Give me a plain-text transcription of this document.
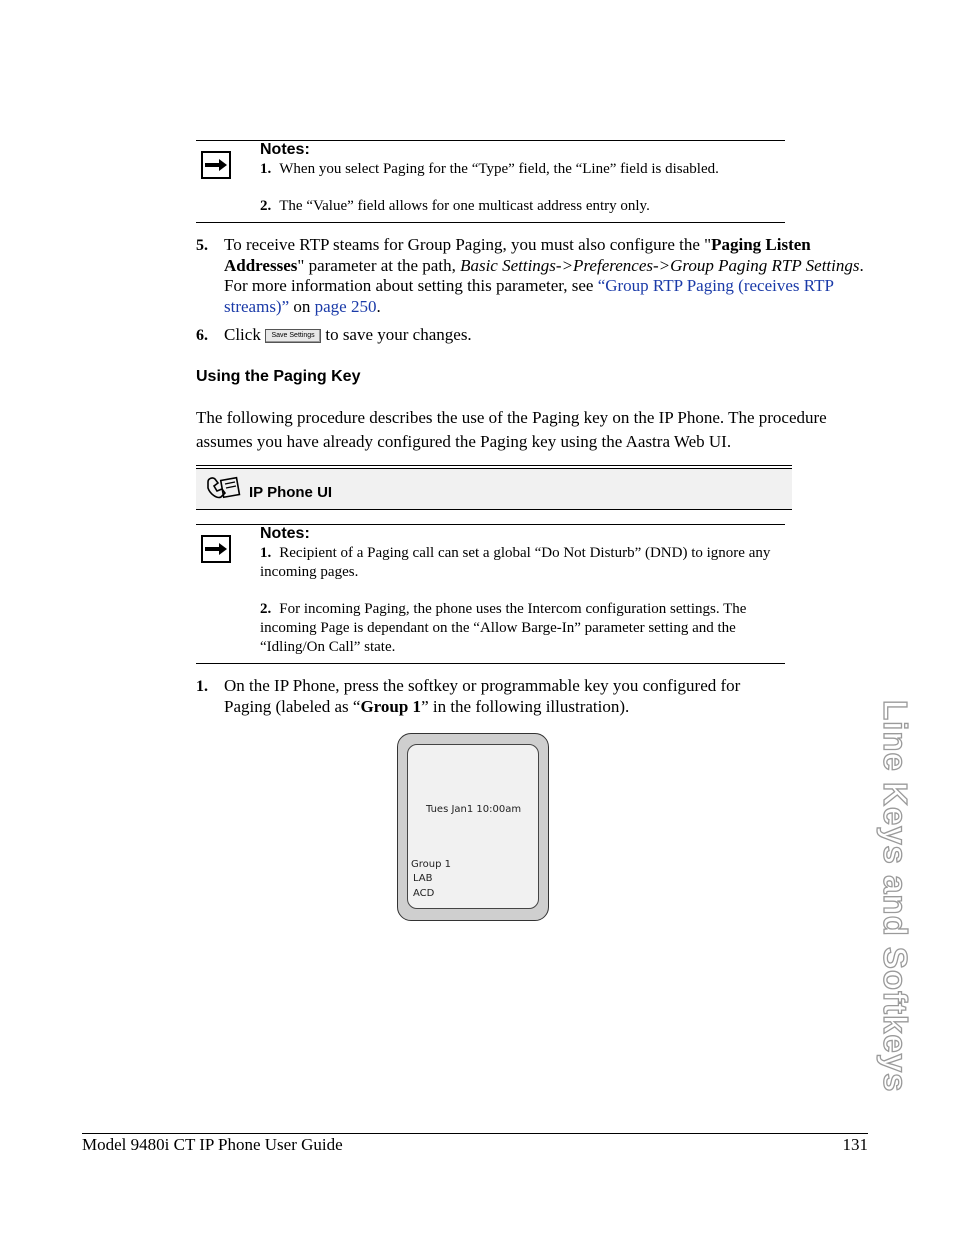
Notes:
1. When you select Paging for the “Type” field, the “Line” field is disabled.
2. The “Value” field allows for one multicast address entry only.
5. To receive RTP steams for Group Paging, you must also configure the "Paging Listen Addresses" parameter at the path, Basic Settings->Preferences->Group Paging RTP Settings. For more information about setting this parameter, see “Group RTP Paging (receives RTP streams)” on page 250.
6. Click Save Settings to save your changes.
Using the Paging Key
The following procedure describes the use of the Paging key on the IP Phone. The procedure assumes you have already configured the Paging key using the Aastra Web UI.
IP Phone UI
Notes:
1. Recipient of a Paging call can set a global “Do Not Disturb” (DND) to ignore any incoming pages.
2. For incoming Paging, the phone uses the Intercom configuration settings. The incoming Page is dependant on the “Allow Barge-In” parameter setting and the “Idling/On Call” state.
1. On the IP Phone, press the softkey or programmable key you configured for Paging (labeled as “Group 1” in the following illustration).
Tues Jan1 10:00am
Group 1
LAB
ACD	Line Keys and Softkeys
Model 9480i CT IP Phone User Guide	131
